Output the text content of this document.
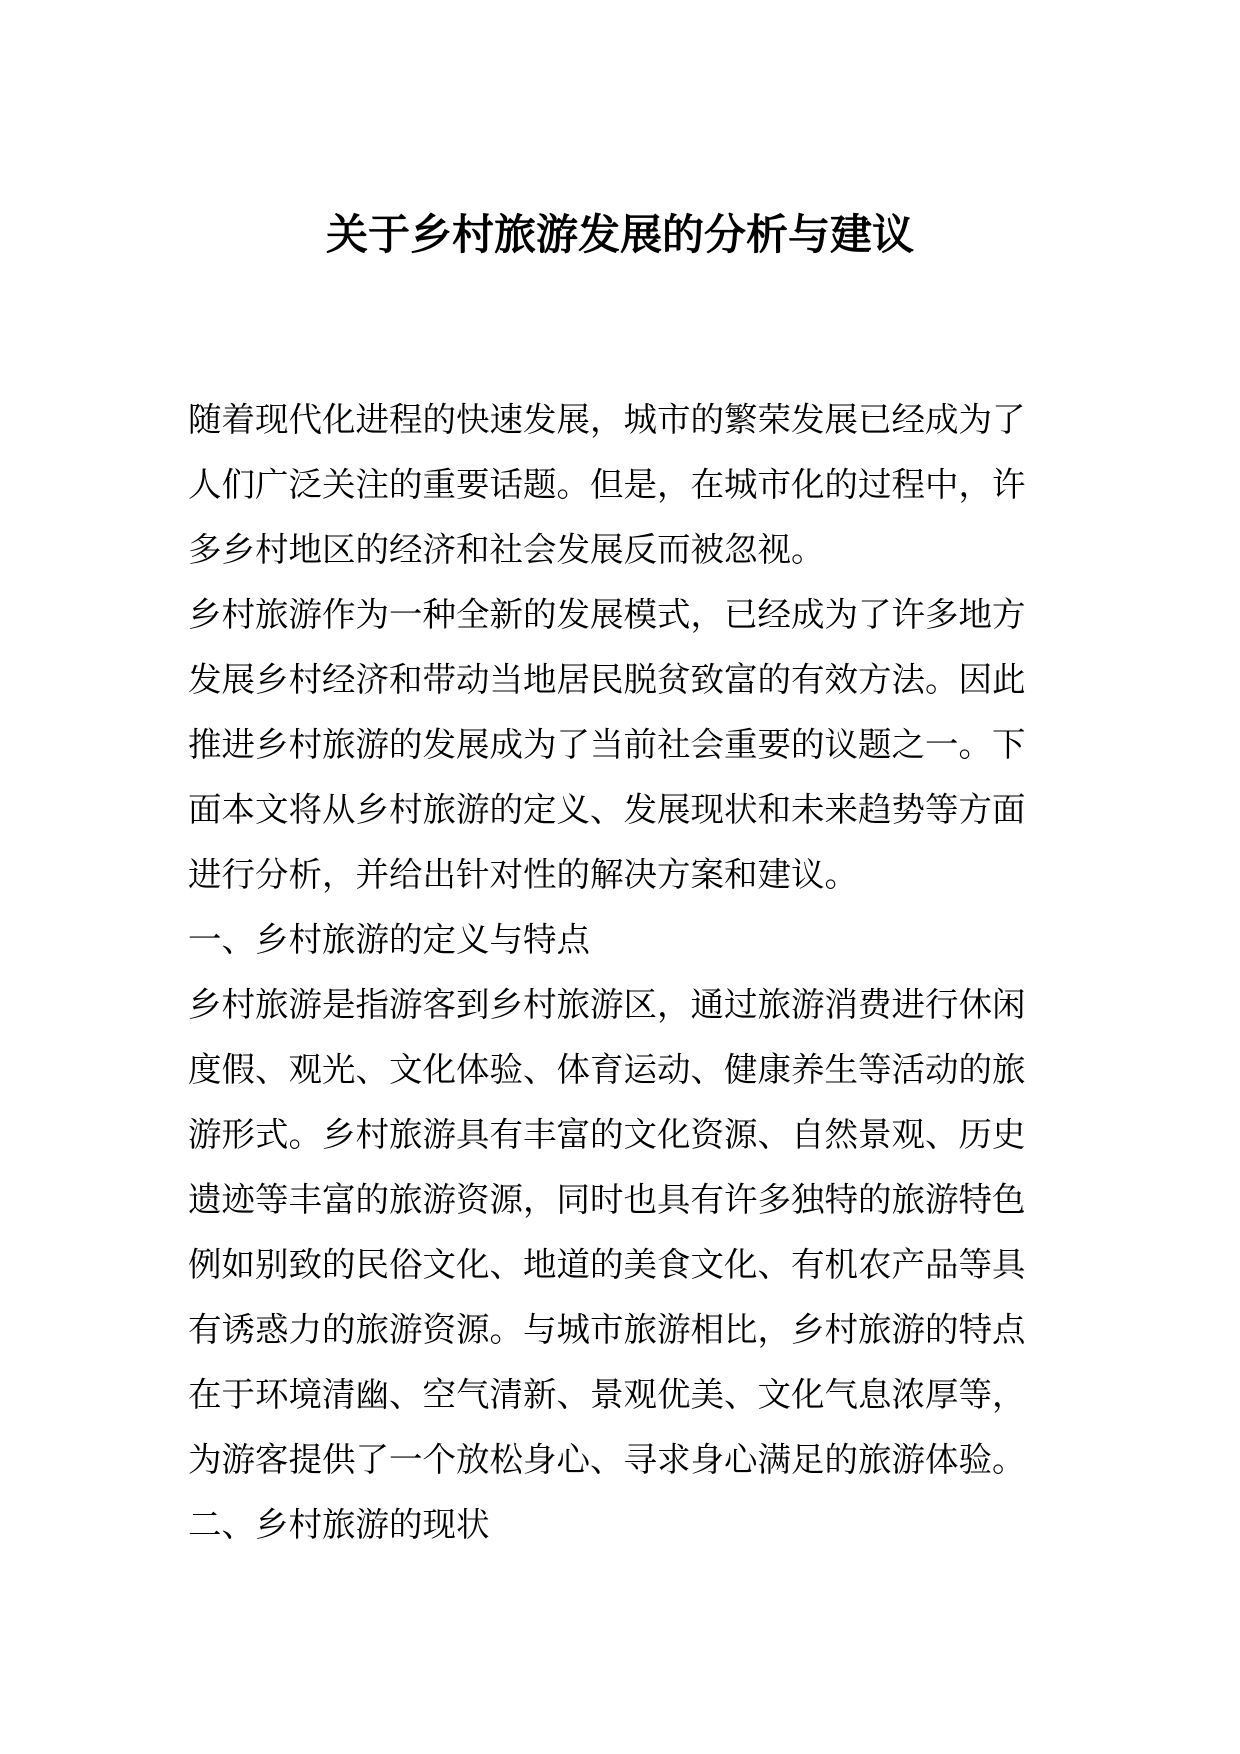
关于乡村旅游发展的分析与建议
随着现代化进程的快速发展，城市的繁荣发展已经成为了
人们广泛关注的重要话题。但是，在城市化的过程中，许
多乡村地区的经济和社会发展反而被忽视。
乡村旅游作为一种全新的发展模式，已经成为了许多地方
发展乡村经济和带动当地居民脱贫致富的有效方法。因此
推进乡村旅游的发展成为了当前社会重要的议题之一。下
面本文将从乡村旅游的定义、发展现状和未来趋势等方面
进行分析，并给出针对性的解决方案和建议。
一、乡村旅游的定义与特点
乡村旅游是指游客到乡村旅游区，通过旅游消费进行休闲
度假、观光、文化体验、体育运动、健康养生等活动的旅
游形式。乡村旅游具有丰富的文化资源、自然景观、历史
遗迹等丰富的旅游资源，同时也具有许多独特的旅游特色
例如别致的民俗文化、地道的美食文化、有机农产品等具
有诱惑力的旅游资源。与城市旅游相比，乡村旅游的特点
在于环境清幽、空气清新、景观优美、文化气息浓厚等，
为游客提供了一个放松身心、寻求身心满足的旅游体验。
二、乡村旅游的现状
